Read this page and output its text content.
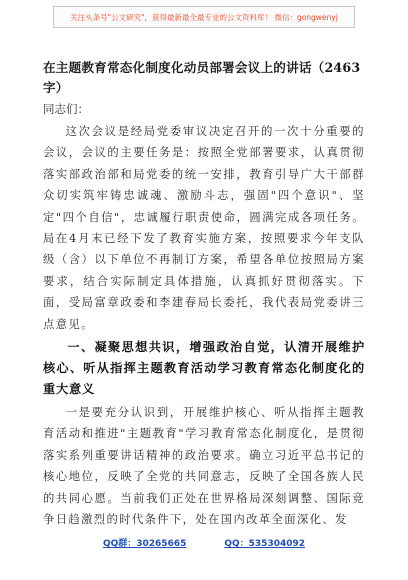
关注头条号"公文研究"，获得最新最全最专业的公文资料库！ 微信：gongwenyj

在主题教育常态化制度化动员部署会议上的讲话（2463字）

同志们：

这次会议是经局党委审议决定召开的一次十分重要的会议，会议的主要任务是：按照全党部署要求，认真贯彻落实部政治部和局党委的统一安排，教育引导广大干部群众切实筑牢铸忠诚魂、激励斗志，强固"四个意识"、坚定"四个自信"，忠诚履行职责使命，圆满完成各项任务。局在4月末已经下发了教育实施方案，按照要求今年支队级（含）以下单位不再制订方案，希望各单位按照局方案要求，结合实际制定具体措施，认真抓好贯彻落实。下面，受局富章政委和李建春局长委托，我代表局党委讲三点意见。

一、凝聚思想共识，增强政治自觉，认清开展维护核心、听从指挥主题教育活动学习教育常态化制度化的重大意义

一是要充分认识到，开展维护核心、听从指挥主题教育活动和推进"主题教育"学习教育常态化制度化，是贯彻落实系列重要讲话精神的政治要求。确立习近平总书记的核心地位，反映了全党的共同意志，反映了全国各族人民的共同心愿。当前我们正处在世界格局深刻调整、国际竞争日趋激烈的时代条件下，处在国内改革全面深化、发

QQ群：30265665	QQ：535304092
